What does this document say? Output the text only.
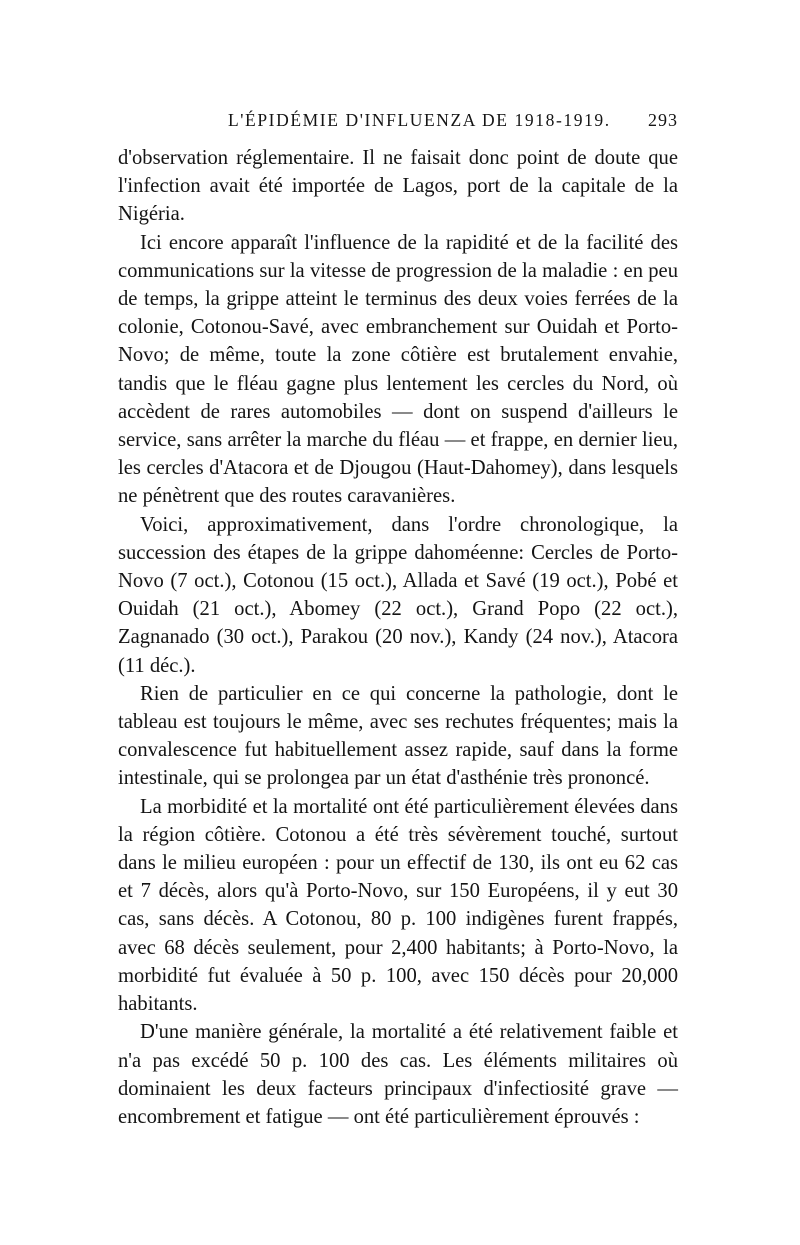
L'ÉPIDÉMIE D'INFLUENZA DE 1918-1919. 293

d'observation réglementaire. Il ne faisait donc point de doute que l'infection avait été importée de Lagos, port de la capitale de la Nigéria.

Ici encore apparaît l'influence de la rapidité et de la facilité des communications sur la vitesse de progression de la maladie : en peu de temps, la grippe atteint le terminus des deux voies ferrées de la colonie, Cotonou-Savé, avec embranchement sur Ouidah et Porto-Novo; de même, toute la zone côtière est brutalement envahie, tandis que le fléau gagne plus lentement les cercles du Nord, où accèdent de rares automobiles — dont on suspend d'ailleurs le service, sans arrêter la marche du fléau — et frappe, en dernier lieu, les cercles d'Atacora et de Djougou (Haut-Dahomey), dans lesquels ne pénètrent que des routes caravanières.

Voici, approximativement, dans l'ordre chronologique, la succession des étapes de la grippe dahoméenne: Cercles de Porto-Novo (7 oct.), Cotonou (15 oct.), Allada et Savé (19 oct.), Pobé et Ouidah (21 oct.), Abomey (22 oct.), Grand Popo (22 oct.), Zagnanado (30 oct.), Parakou (20 nov.), Kandy (24 nov.), Atacora (11 déc.).

Rien de particulier en ce qui concerne la pathologie, dont le tableau est toujours le même, avec ses rechutes fréquentes; mais la convalescence fut habituellement assez rapide, sauf dans la forme intestinale, qui se prolongea par un état d'asthénie très prononcé.

La morbidité et la mortalité ont été particulièrement élevées dans la région côtière. Cotonou a été très sévèrement touché, surtout dans le milieu européen : pour un effectif de 130, ils ont eu 62 cas et 7 décès, alors qu'à Porto-Novo, sur 150 Européens, il y eut 30 cas, sans décès. A Cotonou, 80 p. 100 indigènes furent frappés, avec 68 décès seulement, pour 2,400 habitants; à Porto-Novo, la morbidité fut évaluée à 50 p. 100, avec 150 décès pour 20,000 habitants.

D'une manière générale, la mortalité a été relativement faible et n'a pas excédé 50 p. 100 des cas. Les éléments militaires où dominaient les deux facteurs principaux d'infectiosité grave — encombrement et fatigue — ont été particulièrement éprouvés :
